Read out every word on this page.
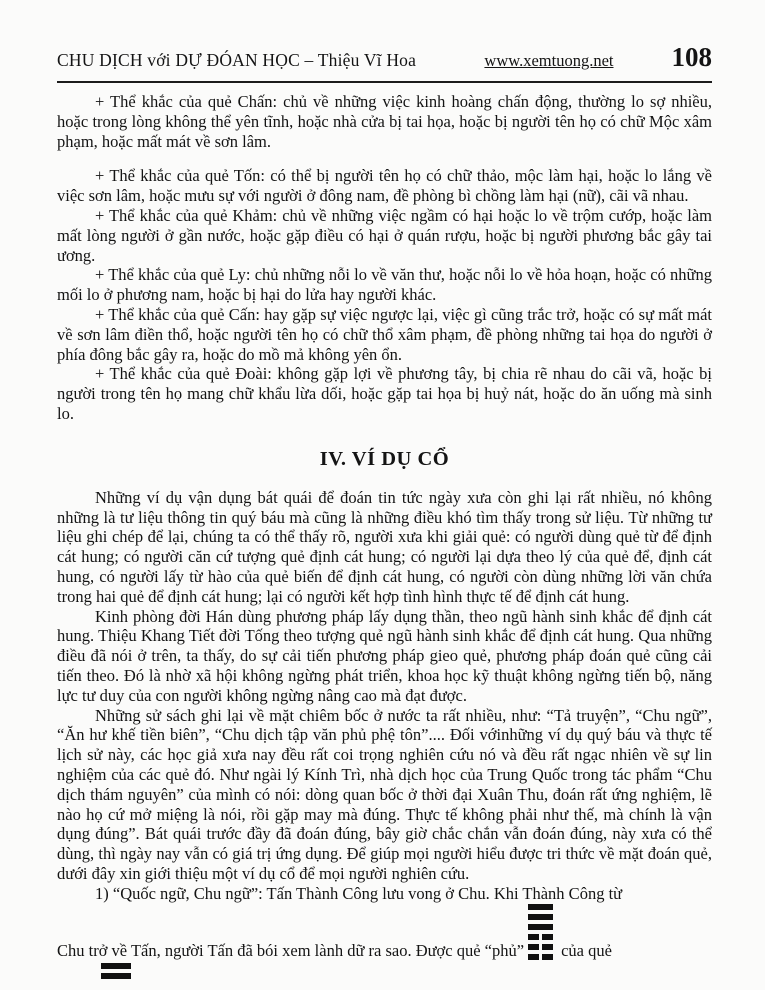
CHU DỊCH với DỰ ĐÓAN HỌC – Thiệu Vĩ Hoa	www.xemtuong.net 108

+ Thể khắc của quẻ Chấn: chủ về những việc kinh hoàng chấn động, thường lo sợ nhiều, hoặc trong lòng không thể yên tĩnh, hoặc nhà cửa bị tai họa, hoặc bị người tên họ có chữ Mộc xâm phạm, hoặc mất mát về sơn lâm.

+ Thể khắc của quẻ Tốn: có thể bị người tên họ có chữ thảo, mộc làm hại, hoặc lo lắng về việc sơn lâm, hoặc mưu sự với người ở đông nam, đề phòng bì chồng làm hại (nữ), cãi vã nhau.

+ Thể khắc của quẻ Khảm: chủ về những việc ngầm có hại hoặc lo về trộm cướp, hoặc làm mất lòng người ở gần nước, hoặc gặp điều có hại ở quán rượu, hoặc bị người phương bắc gây tai ương.

+ Thể khắc của quẻ Ly: chủ những nỗi lo về văn thư, hoặc nỗi lo về hỏa hoạn, hoặc có những mối lo ở phương nam, hoặc bị hại do lửa hay người khác.

+ Thể khắc của quẻ Cấn: hay gặp sự việc ngược lại, việc gì cũng trắc trở, hoặc có sự mất mát về sơn lâm điền thổ, hoặc người tên họ có chữ thổ xâm phạm, đề phòng những tai họa do người ở phía đông bắc gây ra, hoặc do mồ mả không yên ổn.

+ Thể khắc của quẻ Đoài: không gặp lợi về phương tây, bị chia rẽ nhau do cãi vã, hoặc bị người trong tên họ mang chữ khẩu lừa dối, hoặc gặp tai họa bị huỷ nát, hoặc do ăn uống mà sinh lo.

IV. VÍ DỤ CỔ

Những ví dụ vận dụng bát quái để đoán tin tức ngày xưa còn ghi lại rất nhiều, nó không những là tư liệu thông tin quý báu mà cũng là những điều khó tìm thấy trong sử liệu. Từ những tư liệu ghi chép để lại, chúng ta có thể thấy rõ, người xưa khi giải quẻ: có người dùng quẻ từ để định cát hung; có người căn cứ tượng quẻ định cát hung; có người lại dựa theo lý của quẻ để, định cát hung, có người lấy từ hào của quẻ biến để định cát hung, có người còn dùng những lời văn chứa trong hai quẻ để định cát hung; lại có người kết hợp tình hình thực tế để định cát hung.

Kinh phòng đời Hán dùng phương pháp lấy dụng thần, theo ngũ hành sinh khắc để định cát hung. Thiệu Khang Tiết đời Tống theo tượng quẻ ngũ hành sinh khắc để định cát hung. Qua những điều đã nói ở trên, ta thấy, do sự cải tiến phương pháp gieo quẻ, phương pháp đoán quẻ cũng cải tiến theo. Đó là nhờ xã hội không ngừng phát triển, khoa học kỹ thuật không ngừng tiến bộ, năng lực tư duy của con người không ngừng nâng cao mà đạt được.

Những sử sách ghi lại về mặt chiêm bốc ở nước ta rất nhiều, như: “Tả truyện”, “Chu ngữ”, “Ăn hư khế tiền biên”, “Chu dịch tập văn phủ phệ tôn”.... Đối vớinhững ví dụ quý báu và thực tế lịch sử này, các học giả xưa nay đều rất coi trọng nghiên cứu nó và đều rất ngạc nhiên về sự lin nghiệm của các quẻ đó. Như ngài lý Kính Trì, nhà dịch học của Trung Quốc trong tác phẩm “Chu dịch thám nguyên” của mình có nói: dòng quan bốc ở thời đại Xuân Thu, đoán rất ứng nghiệm, lẽ nào họ cứ mở miệng là nói, rồi gặp may mà đúng. Thực tế không phải như thế, mà chính là vận dụng đúng”. Bát quái trước đầy đã đoán đúng, bây giờ chắc chắn vẫn đoán đúng, này xưa có thể dùng, thì ngày nay vẫn có giá trị ứng dụng. Để giúp mọi người hiểu được tri thức về mặt đoán quẻ, dưới đây xin giới thiệu một ví dụ cổ để mọi người nghiên cứu.

1) “Quốc ngữ, Chu ngữ”: Tấn Thành Công lưu vong ở Chu. Khi Thành Công từ

Chu trở về Tấn, người Tấn đã bói xem lành dữ ra sao. Được quẻ “phủ” của quẻ
